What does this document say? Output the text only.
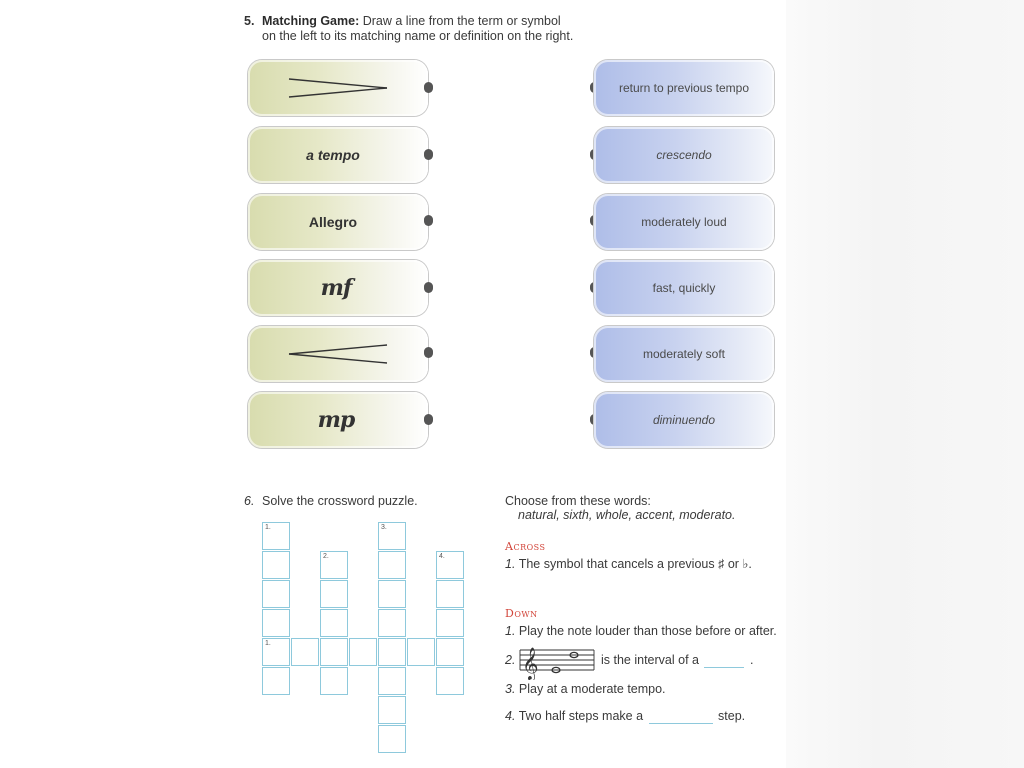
5. Matching Game: Draw a line from the term or symbol
on the left to its matching name or definition on the right.
a tempo
Allegro
mf
mp
return to previous tempo
crescendo
moderately loud
fast, quickly
moderately soft
diminuendo
6. Solve the crossword puzzle.
1.
1.
2.
3.
4.
Choose from these words:
natural, sixth, whole, accent, moderato.
Across
1. The symbol that cancels a previous ♯ or ♭.
Down
1. Play the note louder than those before or after.
2. 𝄞	is the interval of a	.
3. Play at a moderate tempo.
4. Two half steps make a	step.
